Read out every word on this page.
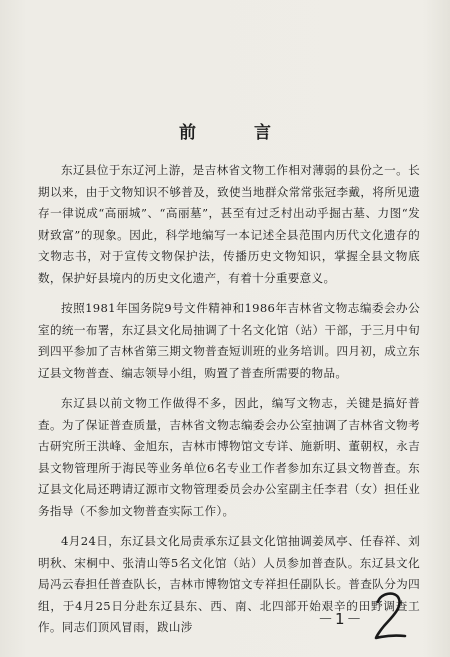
前言

东辽县位于东辽河上游，是吉林省文物工作相对薄弱的县份之一。长期以来，由于文物知识不够普及，致使当地群众常常张冠李戴，将所见遗存一律说成“高丽城”、“高丽墓”，甚至有过乏村出动乎掘古墓、力图“发财致富”的现象。因此，科学地编写一本记述全县范围内历代文化遗存的文物志书，对于宣传文物保护法，传播历史文物知识，掌握全县文物底数，保护好县境内的历史文化遗产，有着十分重要意义。

按照1981年国务院9号文件精神和1986年吉林省文物志编委会办公室的统一布署，东辽县文化局抽调了十名文化馆（站）干部，于三月中旬到四平参加了吉林省第三期文物普查短训班的业务培训。四月初，成立东辽县文物普查、编志领导小组，购置了普查所需要的物品。

东辽县以前文物工作做得不多，因此，编写文物志，关键是搞好普查。为了保证普查质量，吉林省文物志编委会办公室抽调了吉林省文物考古研究所王洪峰、金旭东，吉林市博物馆文专详、施新明、董朝权，永吉县文物管理所于海民等业务单位6名专业工作者参加东辽县文物普查。东辽县文化局还聘请辽源市文物管理委员会办公室副主任李君（女）担任业务指导（不参加文物普查实际工作）。

4月24日，东辽县文化局责承东辽县文化馆抽调姜凤亭、任春祥、刘明秋、宋桐中、张清山等5名文化馆（站）人员参加普查队。东辽县文化局冯云春担任普查队长，吉林市博物馆文专祥担任副队长。普查队分为四组，于4月25日分赴东辽县东、西、南、北四部开始艰辛的田野调查工作。同志们顶风冒雨，跋山涉	－1－
